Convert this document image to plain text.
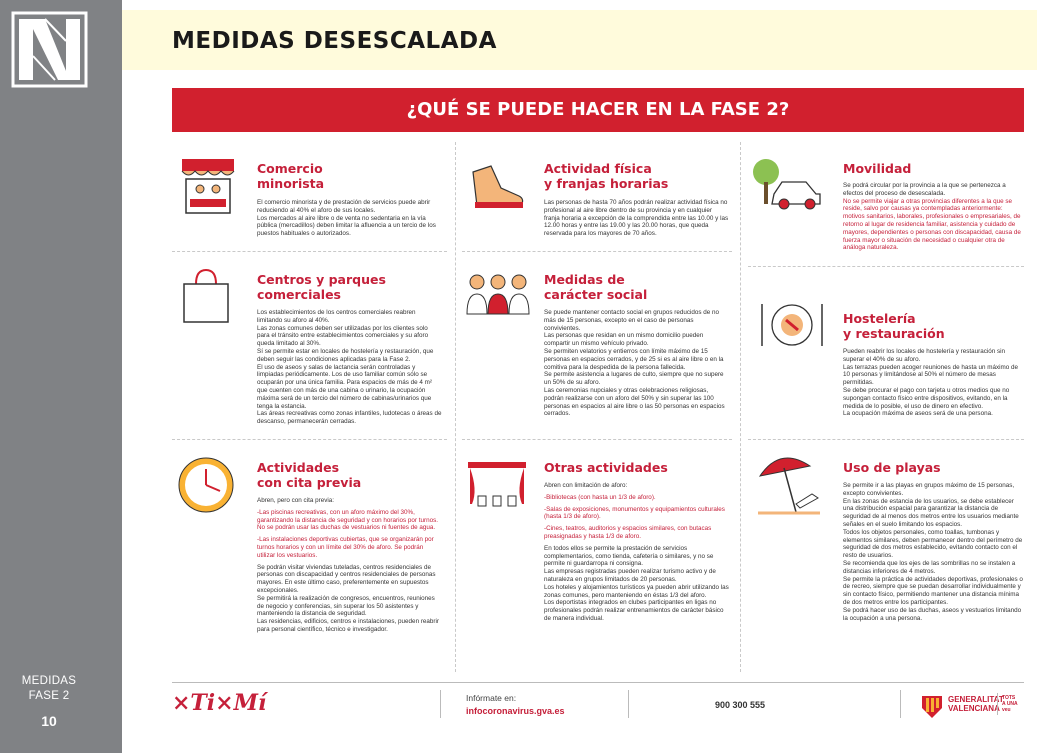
MEDIDAS
FASE 2
10
MEDIDAS DESESCALADA
¿QUÉ SE PUEDE HACER EN LA FASE 2?
Comercio
minorista

El comercio minorista y de prestación de servicios puede abrir reduciendo al 40% el aforo de sus locales.

Los mercados al aire libre o de venta no sedentaria en la vía pública (mercadillos) deben limitar la afluencia a un tercio de los puestos habituales o autorizados.

Actividad física
y franjas horarias

Las personas de hasta 70 años podrán realizar actividad física no profesional al aire libre dentro de su provincia y en cualquier franja horaria a excepción de la comprendida entre las 10.00 y las 12.00 horas y entre las 19.00 y las 20.00 horas, que queda reservada para los mayores de 70 años.

Movilidad

Se podrá circular por la provincia a la que se pertenezca a efectos del proceso de desescalada.

No se permite viajar a otras provincias diferentes a la que se reside, salvo por causas ya contempladas anteriormente: motivos sanitarios, laborales, profesionales o empresariales, de retorno al lugar de residencia familiar, asistencia y cuidado de mayores, dependientes o personas con discapacidad, causa de fuerza mayor o situación de necesidad o cualquier otra de análoga naturaleza.

Centros y parques
comerciales

Los establecimientos de los centros comerciales reabren limitando su aforo al 40%.

Las zonas comunes deben ser utilizadas por los clientes solo para el tránsito entre establecimientos comerciales y su aforo queda limitado al 30%.

Sí se permite estar en locales de hostelería y restauración, que deben seguir las condiciones aplicadas para la Fase 2.

El uso de aseos y salas de lactancia serán controladas y limpiadas periódicamente. Los de uso familiar común sólo se ocuparán por una única familia. Para espacios de más de 4 m² que cuenten con más de una cabina o urinario, la ocupación máxima será de un tercio del número de cabinas/urinarios que tenga la estancia.

Las áreas recreativas como zonas infantiles, ludotecas o áreas de descanso, permanecerán cerradas.

Medidas de
carácter social

Se puede mantener contacto social en grupos reducidos de no más de 15 personas, excepto en el caso de personas convivientes.

Las personas que residan en un mismo domicilio pueden compartir un mismo vehículo privado.

Se permiten velatorios y entierros con límite máximo de 15 personas en espacios cerrados, y de 25 si es al aire libre o en la comitiva para la despedida de la persona fallecida.

Se permite asistencia a lugares de culto, siempre que no supere un 50% de su aforo.

Las ceremonias nupciales y otras celebraciones religiosas, podrán realizarse con un aforo del 50% y sin superar las 100 personas en espacios al aire libre o las 50 personas en espacios cerrados.

Hostelería
y restauración

Pueden reabrir los locales de hostelería y restauración sin superar el 40% de su aforo.

Las terrazas pueden acoger reuniones de hasta un máximo de 10 personas y limitándose al 50% el número de mesas permitidas.

Se debe procurar el pago con tarjeta u otros medios que no supongan contacto físico entre dispositivos, evitando, en la medida de lo posible, el uso de dinero en efectivo.

La ocupación máxima de aseos será de una persona.

Actividades
con cita previa

Abren, pero con cita previa:

-Las piscinas recreativas, con un aforo máximo del 30%, garantizando la distancia de seguridad y con horarios por turnos. No se podrán usar las duchas de vestuarios ni fuentes de agua.

-Las instalaciones deportivas cubiertas, que se organizarán por turnos horarios y con un límite del 30% de aforo. Se podrán utilizar los vestuarios.

Se podrán visitar viviendas tuteladas, centros residenciales de personas con discapacidad y centros residenciales de personas mayores. En este último caso, preferentemente en supuestos excepcionales.

Se permitirá la realización de congresos, encuentros, reuniones de negocio y conferencias, sin superar los 50 asistentes y manteniendo la distancia de seguridad.

Las residencias, edificios, centros e instalaciones, pueden reabrir para personal científico, técnico e investigador.

Otras actividades

Abren con limitación de aforo:

-Bibliotecas (con hasta un 1/3 de aforo).

-Salas de exposiciones, monumentos y equipamientos culturales (hasta 1/3 de aforo).

-Cines, teatros, auditorios y espacios similares, con butacas preasignadas y hasta 1/3 de aforo.

En todos ellos se permite la prestación de servicios complementarios, como tienda, cafetería o similares, y no se permite ni guardarropa ni consigna.

Las empresas registradas pueden realizar turismo activo y de naturaleza en grupos limitados de 20 personas.

Los hoteles y alojamientos turísticos ya pueden abrir utilizando las zonas comunes, pero manteniendo en éstas 1/3 del aforo.

Los deportistas integrados en clubes participantes en ligas no profesionales podrán realizar entrenamientos de carácter básico de manera individual.

Uso de playas

Se permite ir a las playas en grupos máximo de 15 personas, excepto convivientes.

En las zonas de estancia de los usuarios, se debe establecer una distribución espacial para garantizar la distancia de seguridad de al menos dos metros entre los usuarios mediante señales en el suelo limitando los espacios.

Todos los objetos personales, como toallas, tumbonas y elementos similares, deben permanecer dentro del perímetro de seguridad de dos metros establecido, evitando contacto con el resto de usuarios.

Se recomienda que los ejes de las sombrillas no se instalen a distancias inferiores de 4 metros.

Se permite la práctica de actividades deportivas, profesionales o de recreo, siempre que se puedan desarrollar individualmente y sin contacto físico, permitiendo mantener una distancia mínima de dos metros entre los participantes.

Se podrá hacer uso de las duchas, aseos y vestuarios limitando la ocupación a una persona.

×Ti×Mí	Infórmate en:
infocoronavirus.gva.es
900 300 555
GENERALITAT
VALENCIANA
TOTS
A UNA
veu
